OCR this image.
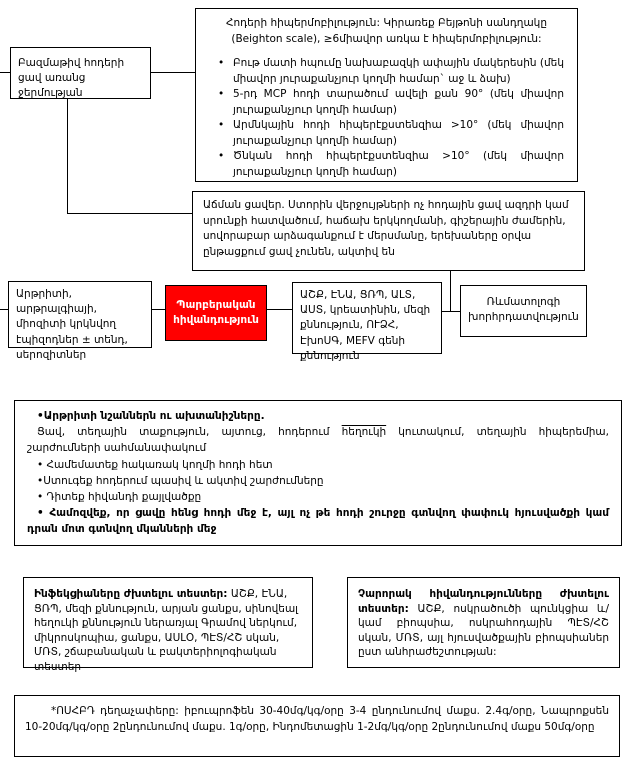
Բազմաթիվ հոդերի ցավ առանց ջերմության

Հոդերի հիպերմոբիլություն: Կիրառեք Բեյթոնի սանդղակը (Beighton scale), ≥6միավոր առկա է հիպերմոբիլություն:

• Բութ մատի հպումը նախաբազկի ափային մակերեսին (մեկ միավոր յուրաքանչյուր կողմի համար` աջ և ձախ)
• 5-րդ MCP հոդի տարածում ավելի քան 90° (մեկ միավոր յուրաքանչյուր կողմի համար)
• Արմնկային հոդի հիպերէքստենզիա >10° (մեկ միավոր յուրաքանչյուր կողմի համար)
• Ծնկան հոդի հիպերէքստենզիա >10° (մեկ միավոր յուրաքանչյուր կողմի համար)
Աճման ցավեր. Ստորին վերջույթների ոչ հոդային ցավ ազդրի կամ սրունքի հատվածում, հաճախ երկկողմանի, գիշերային ժամերին, սովորաբար արձագանքում է մերսմանը, երեխաները օրվա ընթացքում ցավ չունեն, ակտիվ են
Արթրիտի, արթրալգիայի, միոզիտի կրկնվող էպիզոդներ ± տենդ, սերոզիտներ
Պարբերական հիվանդություն
ԱՇՔ, ԷՆԱ, ՑՌՊ, ԱԼՏ, ԱՍՏ, կրեատինին, մեզի քննություն, ՈՒՁՀ, ԷխոՍԳ, MEFV գենի քննություն
Ռևմատոլոգի խորհրդատվություն

•Արթրիտի նշաններն ու ախտանիշները.

Ցավ, տեղային տաքություն, այտուց, հոդերում հեղուկի կուտակում, տեղային հիպերեմիա, շարժումների սահմանափակում

• Համեմատեք հակառակ կողմի հոդի հետ

•Ստուգեք հոդերում պասիվ և ակտիվ շարժումները

• Դիտեք հիվանդի քայլվածքը

• Համոզվեք, որ ցավը հենց հոդի մեջ է, այլ ոչ թե հոդի շուրջը գտնվող փափուկ հյուսվածքի կամ դրան մոտ գտնվող մկանների մեջ

Ինֆեկցիաները ժխտելու տեստեր: ԱՇՔ, ԷՆԱ, ՑՌՊ, մեզի քննություն, արյան ցանքս, սինովեալ հեղուկի քննություն ներառյալ Գրամով ներկում, միկրոսկոպիա, ցանքս, ԱՍԼՕ, ՊԷՏ/ՀՇ սկան, ՄՌՏ, շճաբանական և բակտերիոլոգիական տեստեր

Չարորակ հիվանդությունները ժխտելու տեստեր: ԱՇՔ, ոսկրածուծի պունկցիա և/կամ բիոպսիա, ոսկրահոդային ՊԷՏ/ՀՇ սկան, ՄՌՏ, այլ հյուսվածքային բիոպսիաներ ըստ անհրաժեշտության:

*ՈՍՀԲԴ դեղաչափերը: իբուպրոֆեն 30-40մգ/կգ/օրը 3-4 ընդունումով մաքս. 2.4գ/օրը, Նապրոքսեն 10-20մգ/կգ/օրը 2ընդունումով մաքս. 1գ/օրը, Ինդոմետացին 1-2մգ/կգ/օրը 2ընդունումով մաքս 50մգ/օրը
